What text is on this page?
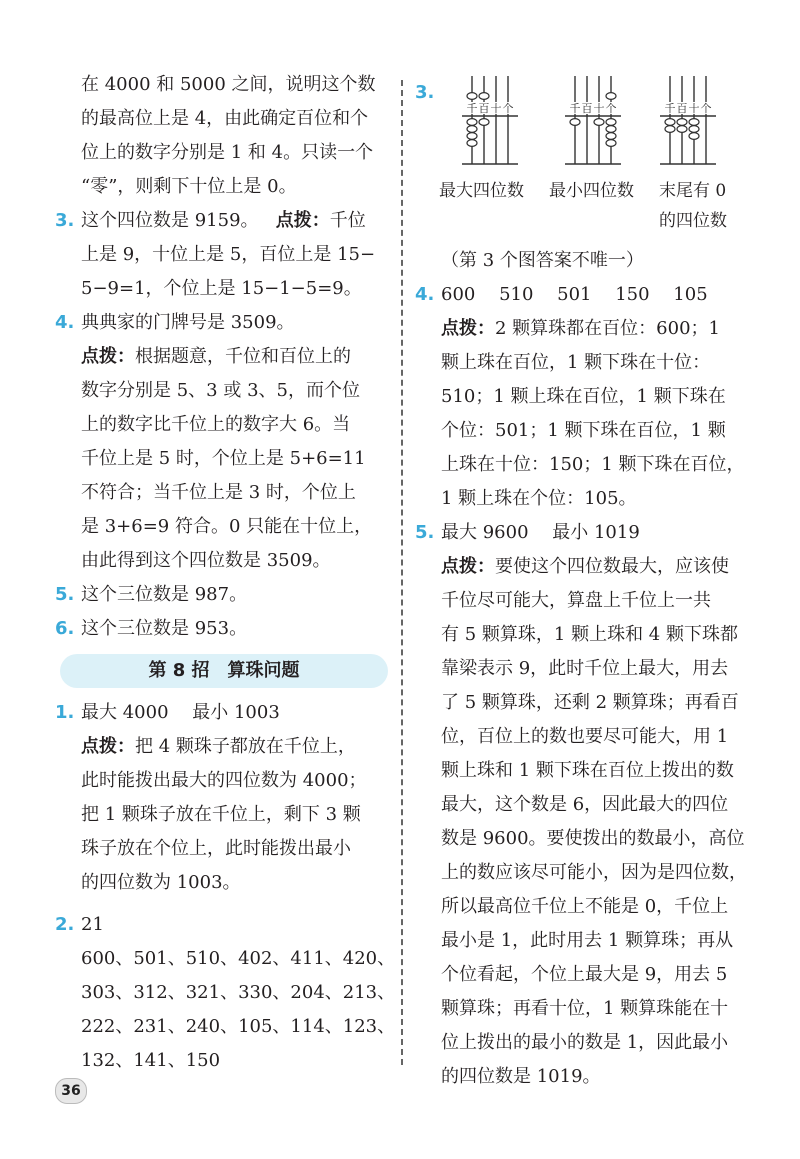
在 4000 和 5000 之间，说明这个数
的最高位上是 4，由此确定百位和个
位上的数字分别是 1 和 4。只读一个
“零”，则剩下十位上是 0。
3. 这个四位数是 9159。 点拨：千位
上是 9，十位上是 5，百位上是 15−
5−9=1，个位上是 15−1−5=9。
4. 典典家的门牌号是 3509。
点拨：根据题意，千位和百位上的
数字分别是 5、3 或 3、5，而个位
上的数字比千位上的数字大 6。当
千位上是 5 时，个位上是 5+6=11
不符合；当千位上是 3 时，个位上
是 3+6=9 符合。0 只能在十位上，
由此得到这个四位数是 3509。
5. 这个三位数是 987。
6. 这个三位数是 953。
第 8 招 算珠问题
1. 最大 4000　 最小 1003
点拨：把 4 颗珠子都放在千位上，
此时能拨出最大的四位数为 4000；
把 1 颗珠子放在千位上，剩下 3 颗
珠子放在个位上，此时能拨出最小
的四位数为 1003。
2. 21
600、501、510、402、411、420、
303、312、321、330、204、213、
222、231、240、105、114、123、
132、141、150
3.
千 百 十 个	千 百 十 个	千 百 十 个
最大四位数 最小四位数 末尾有 0
的四位数
（第 3 个图答案不唯一）
4. 600　 510　 501　 150　 105
点拨：2 颗算珠都在百位：600；1
颗上珠在百位，1 颗下珠在十位：
510；1 颗上珠在百位，1 颗下珠在
个位：501；1 颗下珠在百位，1 颗
上珠在十位：150；1 颗下珠在百位，
1 颗上珠在个位：105。
5. 最大 9600　 最小 1019
点拨：要使这个四位数最大，应该使
千位尽可能大，算盘上千位上一共
有 5 颗算珠，1 颗上珠和 4 颗下珠都
靠梁表示 9，此时千位上最大，用去
了 5 颗算珠，还剩 2 颗算珠；再看百
位，百位上的数也要尽可能大，用 1
颗上珠和 1 颗下珠在百位上拨出的数
最大，这个数是 6，因此最大的四位
数是 9600。要使拨出的数最小，高位
上的数应该尽可能小，因为是四位数，
所以最高位千位上不能是 0，千位上
最小是 1，此时用去 1 颗算珠；再从
个位看起，个位上最大是 9，用去 5
颗算珠；再看十位，1 颗算珠能在十
位上拨出的最小的数是 1，因此最小
的四位数是 1019。
36
